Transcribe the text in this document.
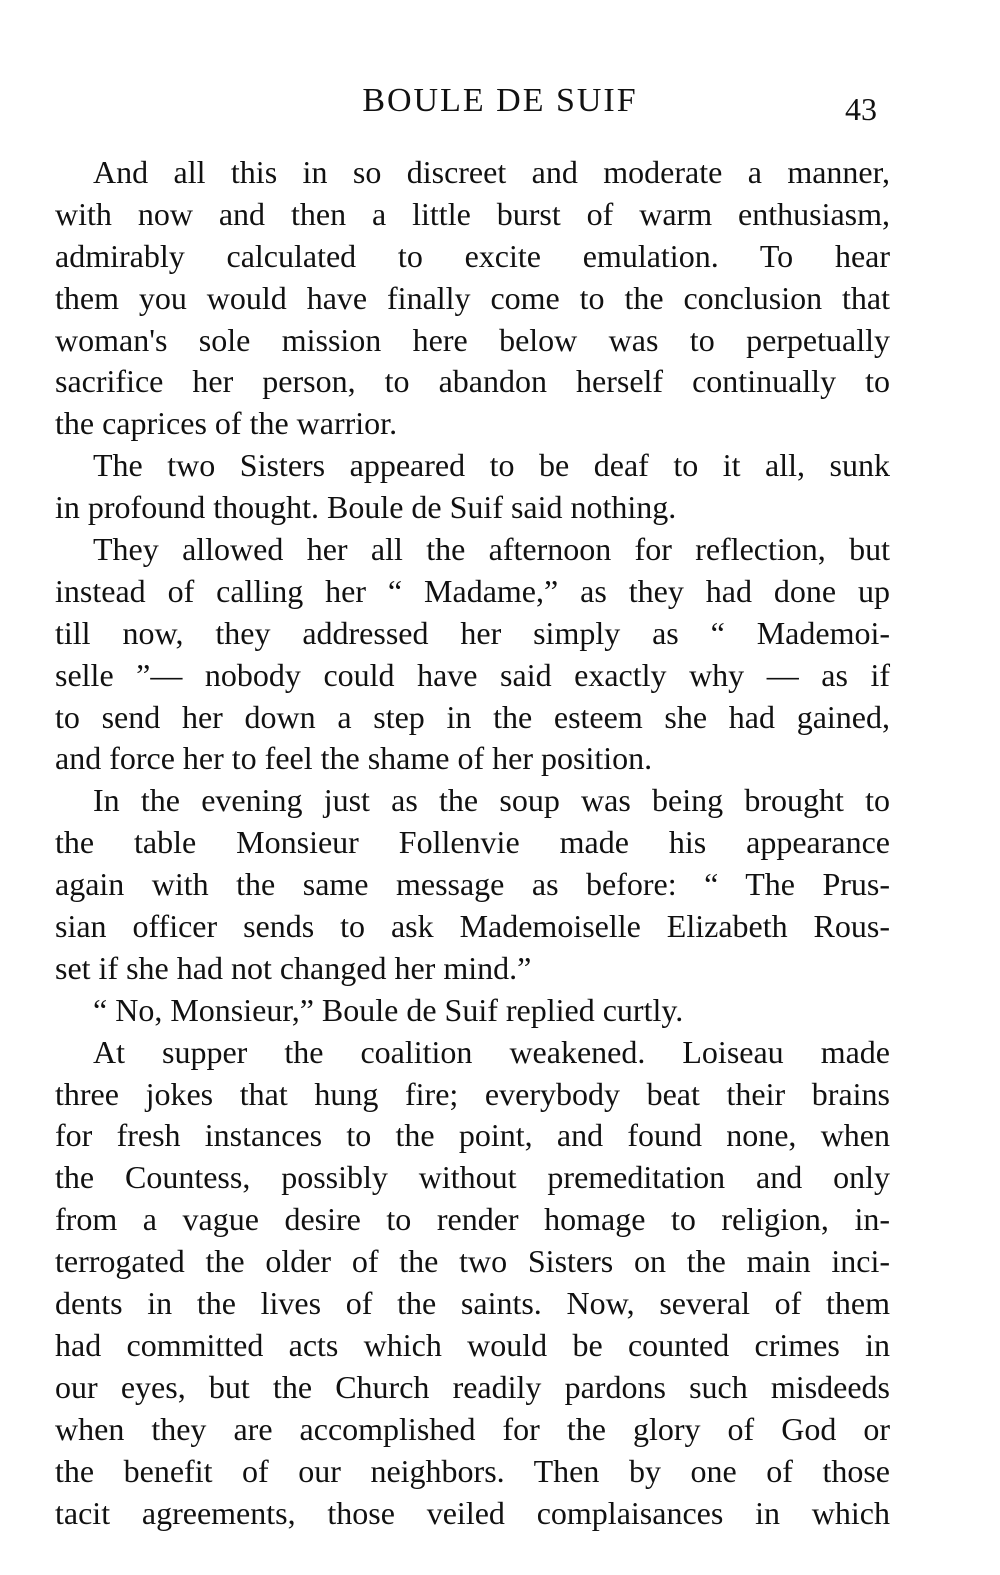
BOULE DE SUIF	43
And all this in so discreet and moderate a manner,
with now and then a little burst of warm enthusiasm,
admirably calculated to excite emulation. To hear
them you would have finally come to the conclusion that
woman's sole mission here below was to perpetually
sacrifice her person, to abandon herself continually to
the caprices of the warrior.
The two Sisters appeared to be deaf to it all, sunk
in profound thought. Boule de Suif said nothing.
They allowed her all the afternoon for reflection, but
instead of calling her “ Madame,” as they had done up
till now, they addressed her simply as “ Mademoi-
selle ”— nobody could have said exactly why — as if
to send her down a step in the esteem she had gained,
and force her to feel the shame of her position.
In the evening just as the soup was being brought to
the table Monsieur Follenvie made his appearance
again with the same message as before: “ The Prus-
sian officer sends to ask Mademoiselle Elizabeth Rous-
set if she had not changed her mind.”
“ No, Monsieur,” Boule de Suif replied curtly.
At supper the coalition weakened. Loiseau made
three jokes that hung fire; everybody beat their brains
for fresh instances to the point, and found none, when
the Countess, possibly without premeditation and only
from a vague desire to render homage to religion, in-
terrogated the older of the two Sisters on the main inci-
dents in the lives of the saints. Now, several of them
had committed acts which would be counted crimes in
our eyes, but the Church readily pardons such misdeeds
when they are accomplished for the glory of God or
the benefit of our neighbors. Then by one of those
tacit agreements, those veiled complaisances in which
